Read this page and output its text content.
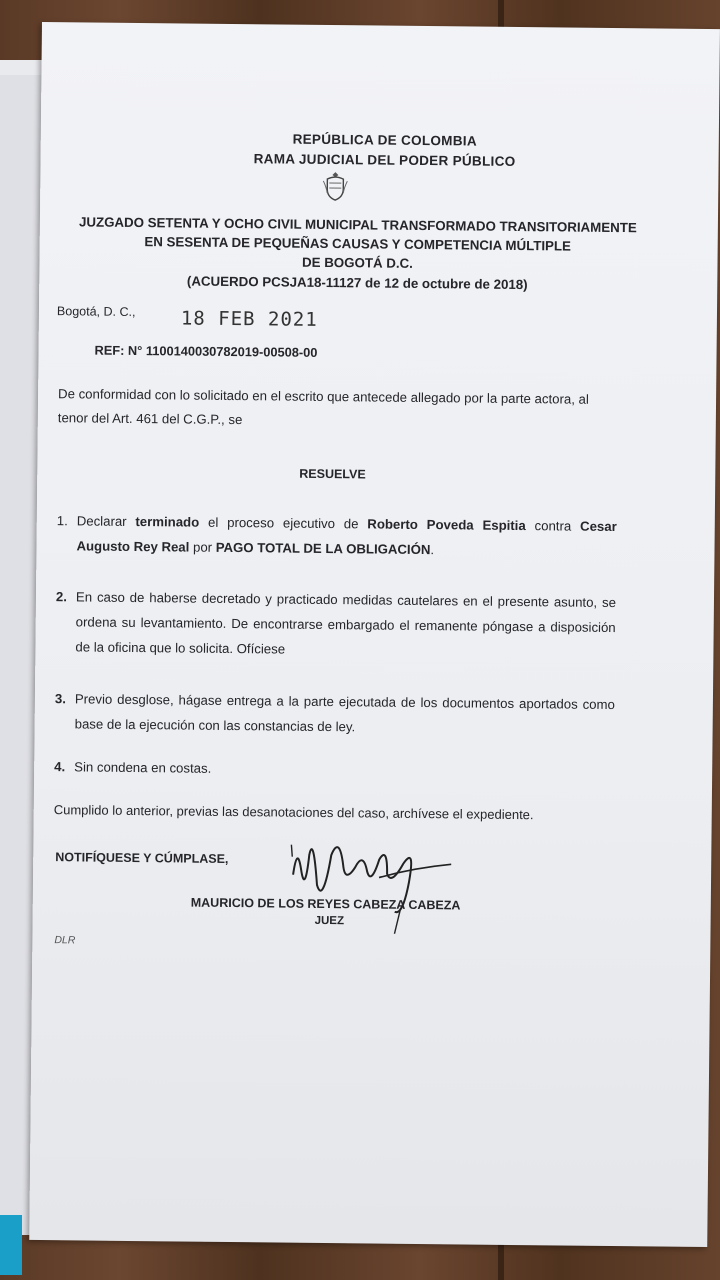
REPÚBLICA DE COLOMBIA
RAMA JUDICIAL DEL PODER PÚBLICO
JUZGADO SETENTA Y OCHO CIVIL MUNICIPAL TRANSFORMADO TRANSITORIAMENTE
EN SESENTA DE PEQUEÑAS CAUSAS Y COMPETENCIA MÚLTIPLE
DE BOGOTÁ D.C.
(ACUERDO PCSJA18-11127 de 12 de octubre de 2018)
Bogotá, D. C., 18 FEB 2021
REF: N° 1100140030782019-00508-00
De conformidad con lo solicitado en el escrito que antecede allegado por la parte actora, al tenor del Art. 461 del C.G.P., se
RESUELVE
1. Declarar terminado el proceso ejecutivo de Roberto Poveda Espitia contra Cesar Augusto Rey Real por PAGO TOTAL DE LA OBLIGACIÓN.
2. En caso de haberse decretado y practicado medidas cautelares en el presente asunto, se ordena su levantamiento. De encontrarse embargado el remanente póngase a disposición de la oficina que lo solicita. Ofíciese
3. Previo desglose, hágase entrega a la parte ejecutada de los documentos aportados como base de la ejecución con las constancias de ley.
4. Sin condena en costas.
Cumplido lo anterior, previas las desanotaciones del caso, archívese el expediente.
NOTIFÍQUESE Y CÚMPLASE,
MAURICIO DE LOS REYES CABEZA CABEZA
JUEZ
DLR
